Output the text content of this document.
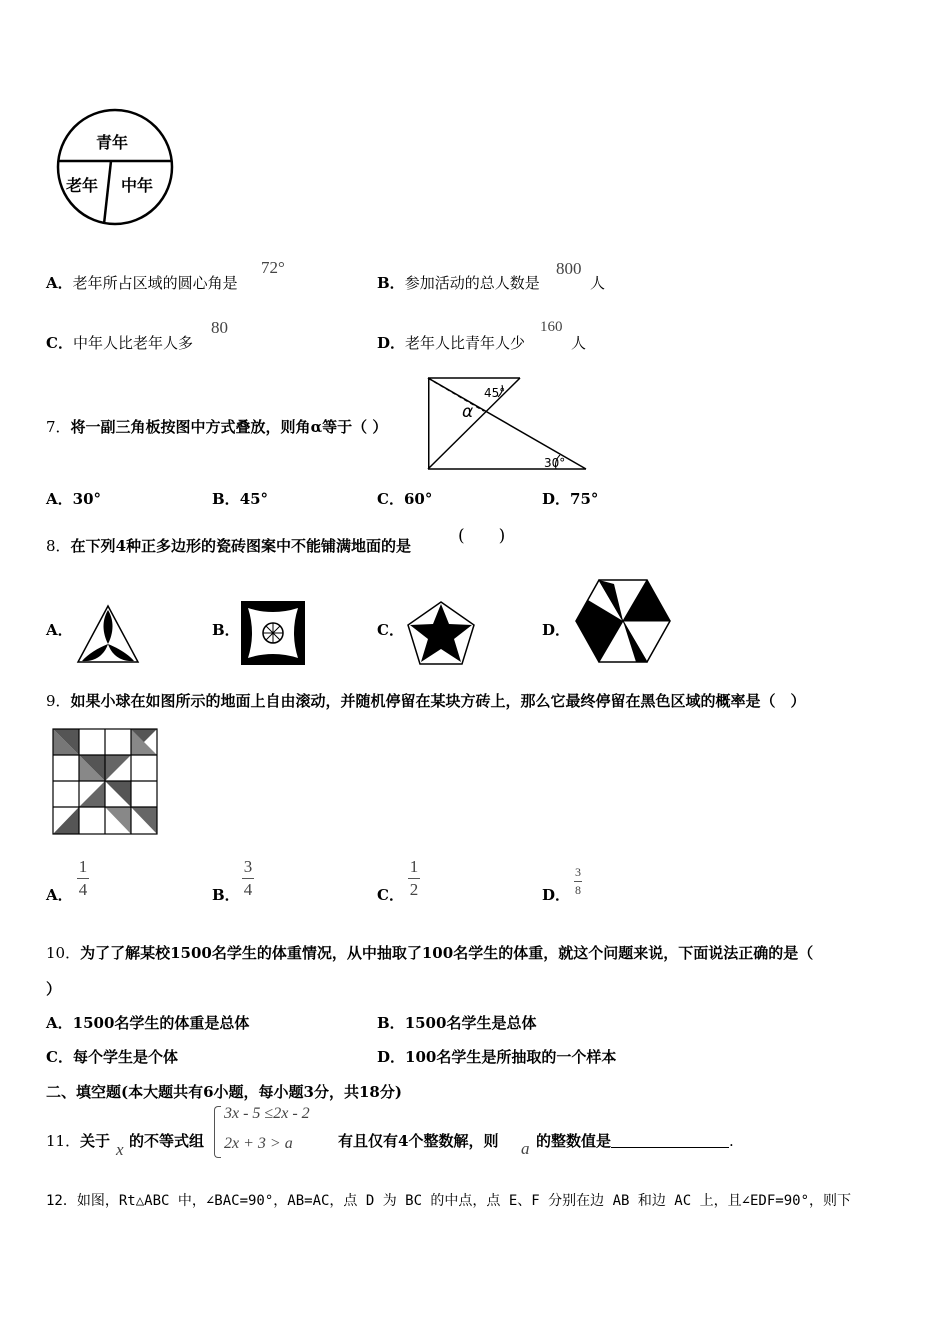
青年
老年 中年
A．老年所占区域的圆心角是
72°
B．参加活动的总人数是
800
人
C．中年人比老年人多
80
D．老年人比青年人少
160
人
7．将一副三角板按图中方式叠放，则角α等于（ ）
45°
α
30°
A．30°	B．45°	C．60°	D．75°
8．在下列4种正多边形的瓷砖图案中不能铺满地面的是	(　　)
A．	B．	C．	D．
9．如果小球在如图所示的地面上自由滚动，并随机停留在某块方砖上，那么它最终停留在黑色区域的概率是（　）
A．
1
4	B．
3
4	C．
1
2	D．
3
8
10．为了了解某校1500名学生的体重情况，从中抽取了100名学生的体重，就这个问题来说，下面说法正确的是（
）
A．1500名学生的体重是总体	B．1500名学生是总体
C．每个学生是个体	D．100名学生是所抽取的一个样本
二、填空题(本大题共有6小题，每小题3分，共18分)
11． 关于 x 的不等式组
3x - 5 ≤2x - 2
2x + 3 > a	有且仅有4个整数解，则 a 的整数值是	.
12．如图，Rt△ABC 中，∠BAC=90°，AB=AC，点 D 为 BC 的中点，点 E、F 分别在边 AB 和边 AC 上，且∠EDF=90°，则下
